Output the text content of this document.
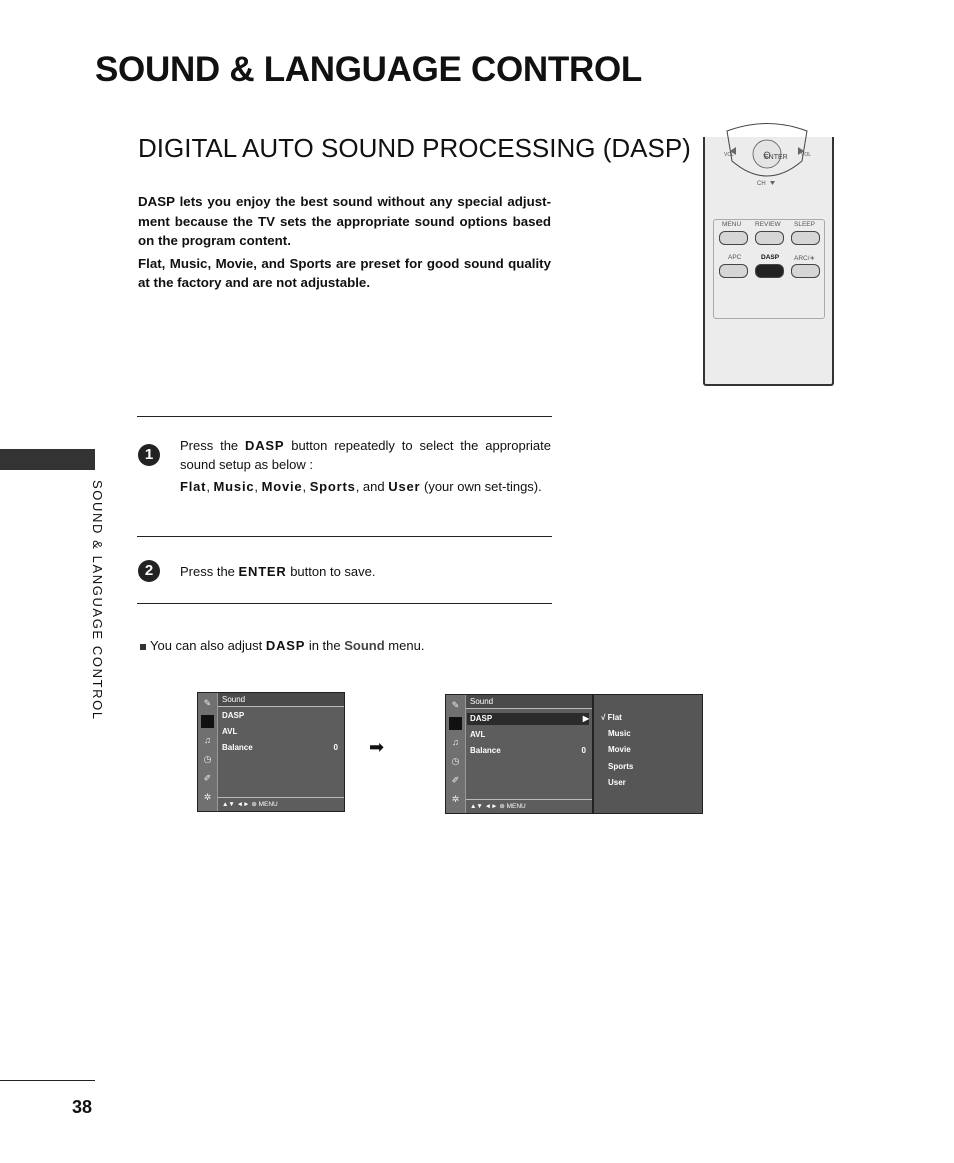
SOUND & LANGUAGE CONTROL
DIGITAL AUTO SOUND PROCESSING (DASP)

DASP lets you enjoy the best sound without any special adjust-ment because the TV sets the appropriate sound options based on the program content.

Flat, Music, Movie, and Sports are preset for good sound quality at the factory and are not adjustable.

ENTER
VOL	VOL
CH
MENU REVIEW SLEEP
APC	DASP ARC/∗
SOUND & LANGUAGE CONTROL
1

Press the DASP button repeatedly to select the appropriate sound setup as below :

Flat, Music, Movie, Sports, and User (your own set-tings).

2	Press the ENTER button to save.
You can also adjust DASP in the Sound menu.
✎
♫
◷
✐
✲
Sound
DASP
AVL
Balance	0
▲▼ ◄► ⊕ MENU
➡
✎
♫
◷
✐
✲
Sound
DASP	▶
AVL
Balance	0
▲▼ ◄► ⊕ MENU
√ Flat
Music
Movie
Sports
User
38
